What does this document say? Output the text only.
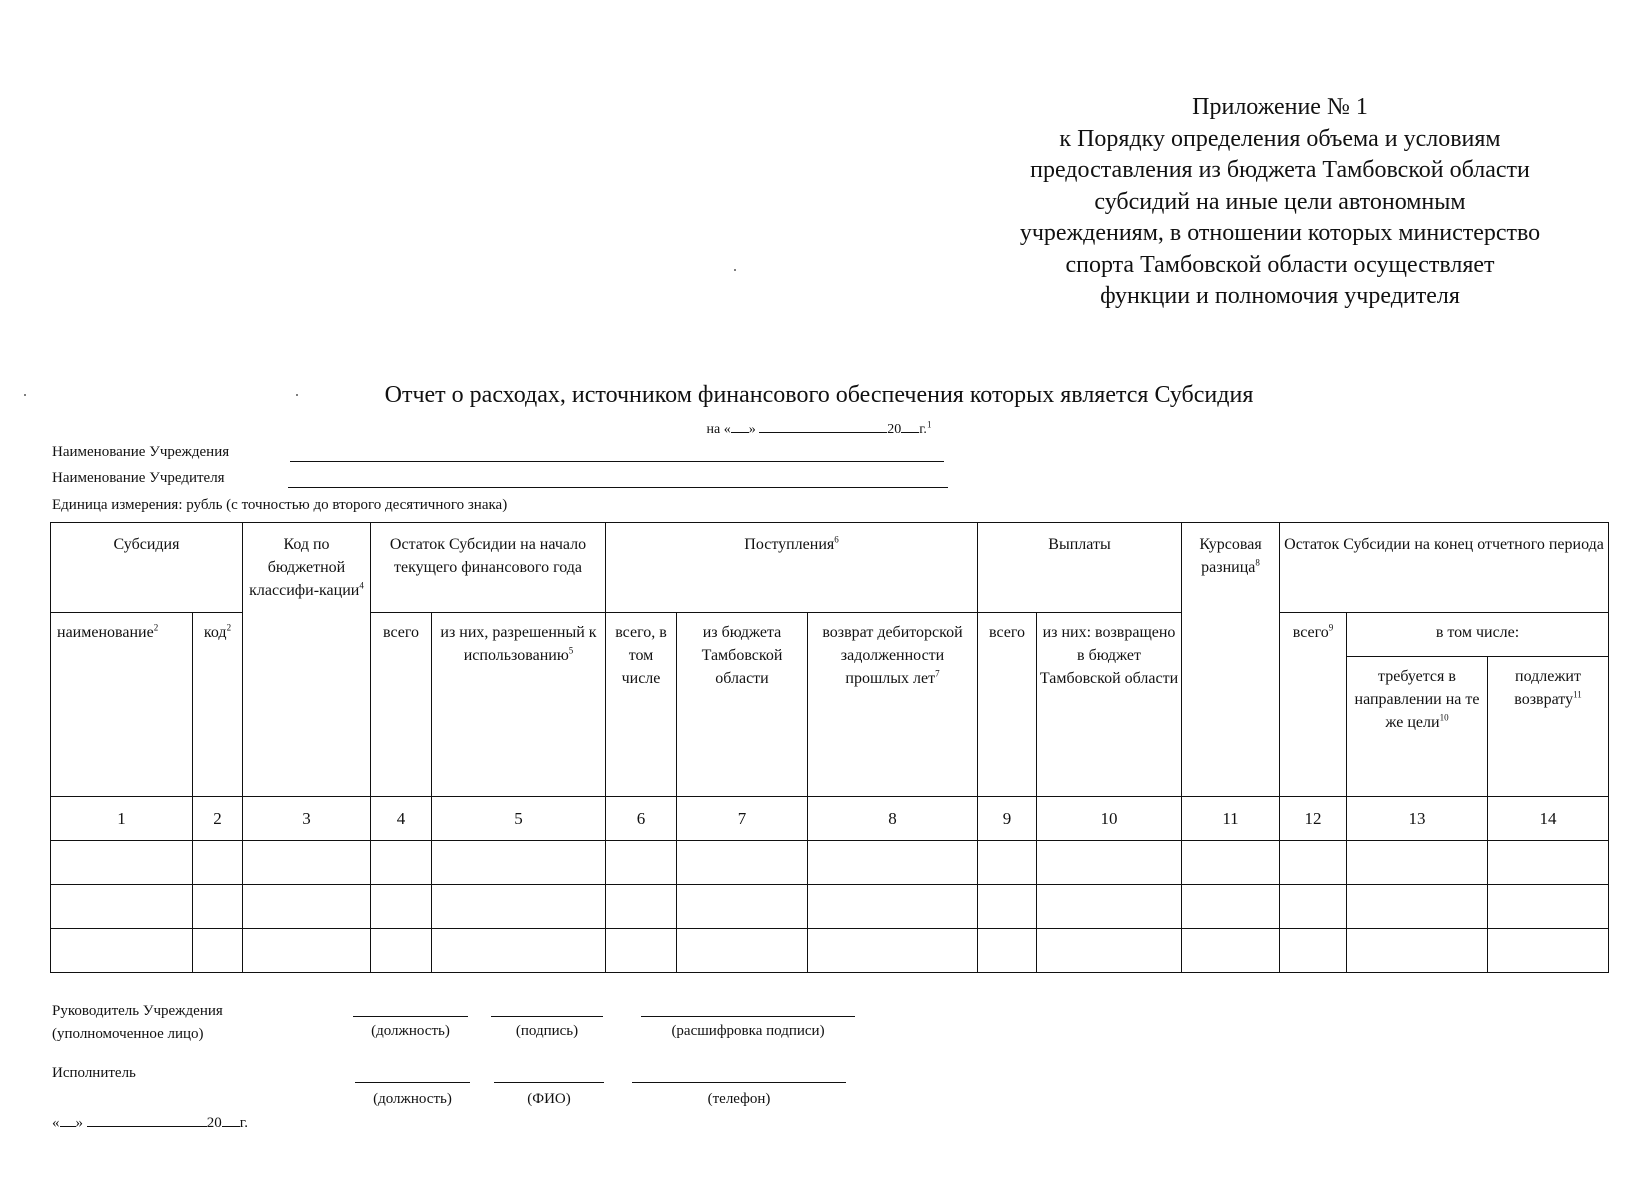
Приложение № 1
к Порядку определения объема и условиям
предоставления из бюджета Тамбовской области
субсидий на иные цели автономным
учреждениям, в отношении которых министерство
спорта Тамбовской области осуществляет
функции и полномочия учредителя
Отчет о расходах, источником финансового обеспечения которых является Субсидия
на « »	20 г.$^1$
Наименование Учреждения
Наименование Учредителя
Единица измерения: рубль (с точностью до второго десятичного знака)
Субсидия		Код по бюджетной классифи-кации$^4$	Остаток Субсидии на начало текущего финансового года		Поступления$^6$			Выплаты		Курсовая разница$^8$	Остаток Субсидии на конец отчетного периода		
наименование$^2$	код$^2$		всего	из них, разрешенный к использованию$^5$	всего, в том числе	из бюджета Тамбовской области	возврат дебиторской задолженности прошлых лет$^7$	всего	из них: возвращено в бюджет Тамбовской области		всего$^9$	в том числе:	
												требуется в направлении на те же цели$^{10}$	подлежит возврату$^{11}$
1	2	3	4	5	6	7	8	9	10	11	12	13	14

Руководитель Учреждения
(уполномоченное лицо)	(должность)	(подпись)	(расшифровка подписи)
Исполнитель
(должность)	(ФИО)	(телефон)
« »	20 г.
